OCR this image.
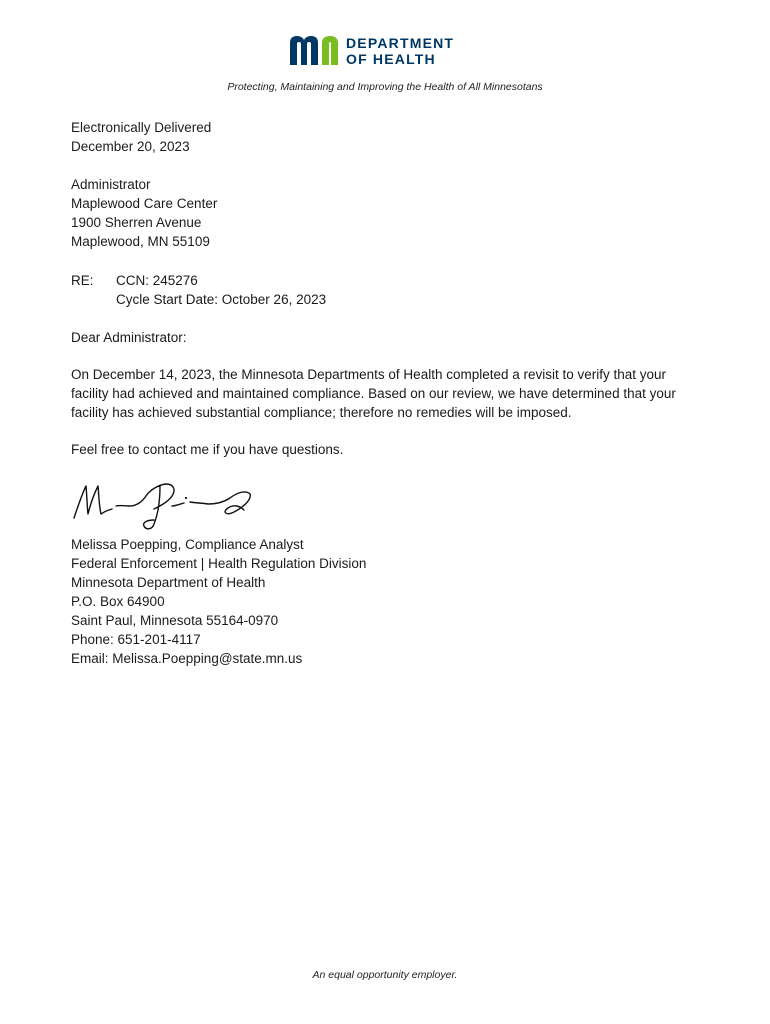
DEPARTMENT
OF HEALTH
Protecting, Maintaining and Improving the Health of All Minnesotans
Electronically Delivered
December 20, 2023
Administrator
Maplewood Care Center
1900 Sherren Avenue
Maplewood, MN 55109
RE: CCN: 245276
Cycle Start Date: October 26, 2023
Dear Administrator:
On December 14, 2023, the Minnesota Departments of Health completed a revisit to verify that your
facility had achieved and maintained compliance. Based on our review, we have determined that your
facility has achieved substantial compliance; therefore no remedies will be imposed.
Feel free to contact me if you have questions.
Melissa Poepping, Compliance Analyst
Federal Enforcement | Health Regulation Division
Minnesota Department of Health
P.O. Box 64900
Saint Paul, Minnesota 55164-0970
Phone: 651-201-4117
Email: Melissa.Poepping@state.mn.us
An equal opportunity employer.
